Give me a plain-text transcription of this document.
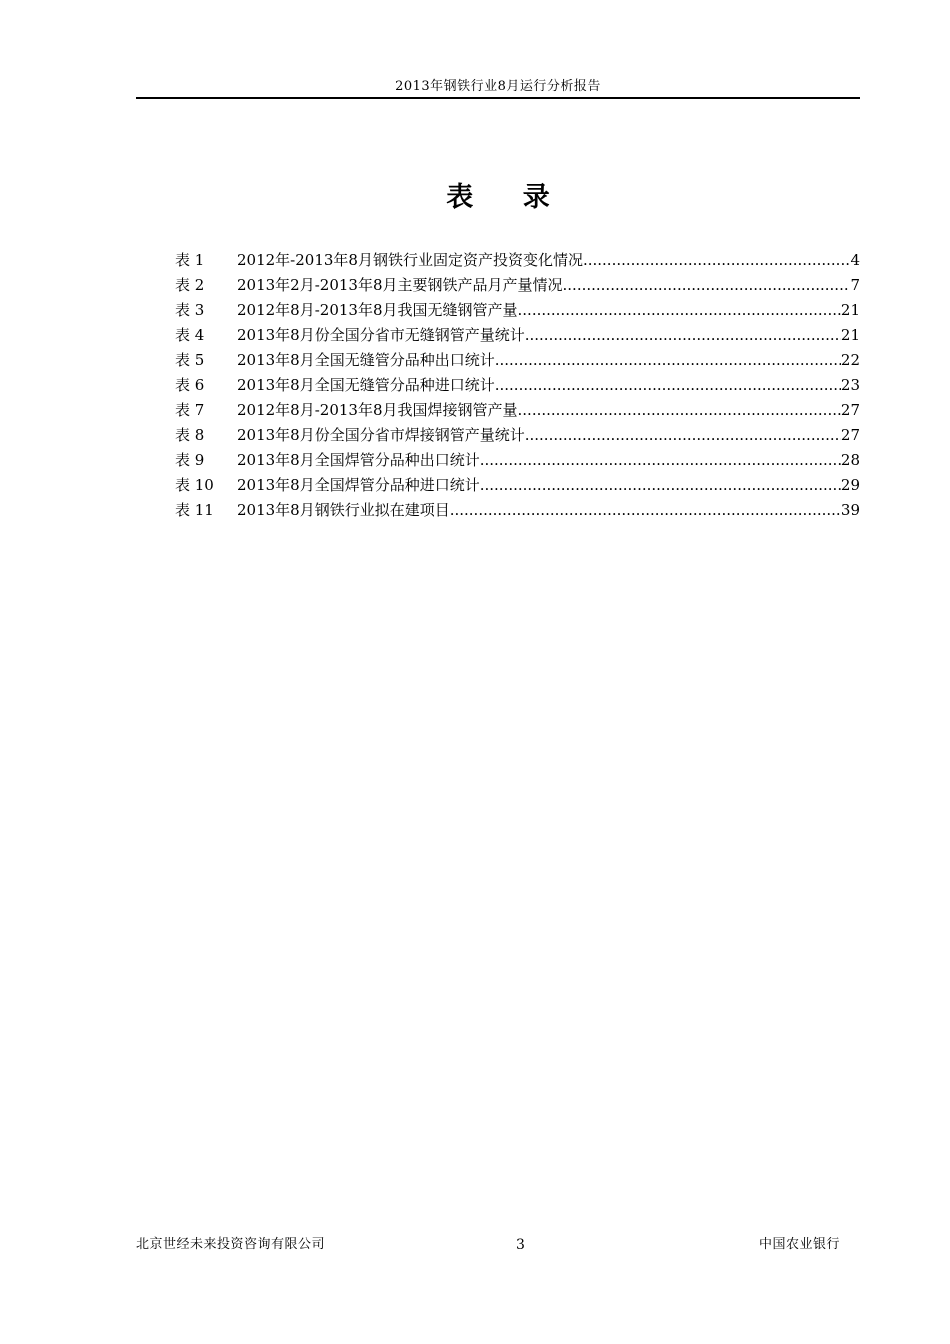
2013年钢铁行业8月运行分析报告
表 录
表 1	2012年-2013年8月钢铁行业固定资产投资变化情况 .....	4
表 2	2013年2月-2013年8月主要钢铁产品月产量情况 .....	7
表 3	2012年8月-2013年8月我国无缝钢管产量 .....	21
表 4	2013年8月份全国分省市无缝钢管产量统计 .....	21
表 5	2013年8月全国无缝管分品种出口统计 .....	22
表 6	2013年8月全国无缝管分品种进口统计 .....	23
表 7	2012年8月-2013年8月我国焊接钢管产量 .....	27
表 8	2013年8月份全国分省市焊接钢管产量统计 .....	27
表 9	2013年8月全国焊管分品种出口统计 .....	28
表 10	2013年8月全国焊管分品种进口统计 .....	29
表 11	2013年8月钢铁行业拟在建项目 .....	39
北京世经未来投资咨询有限公司	3	中国农业银行
